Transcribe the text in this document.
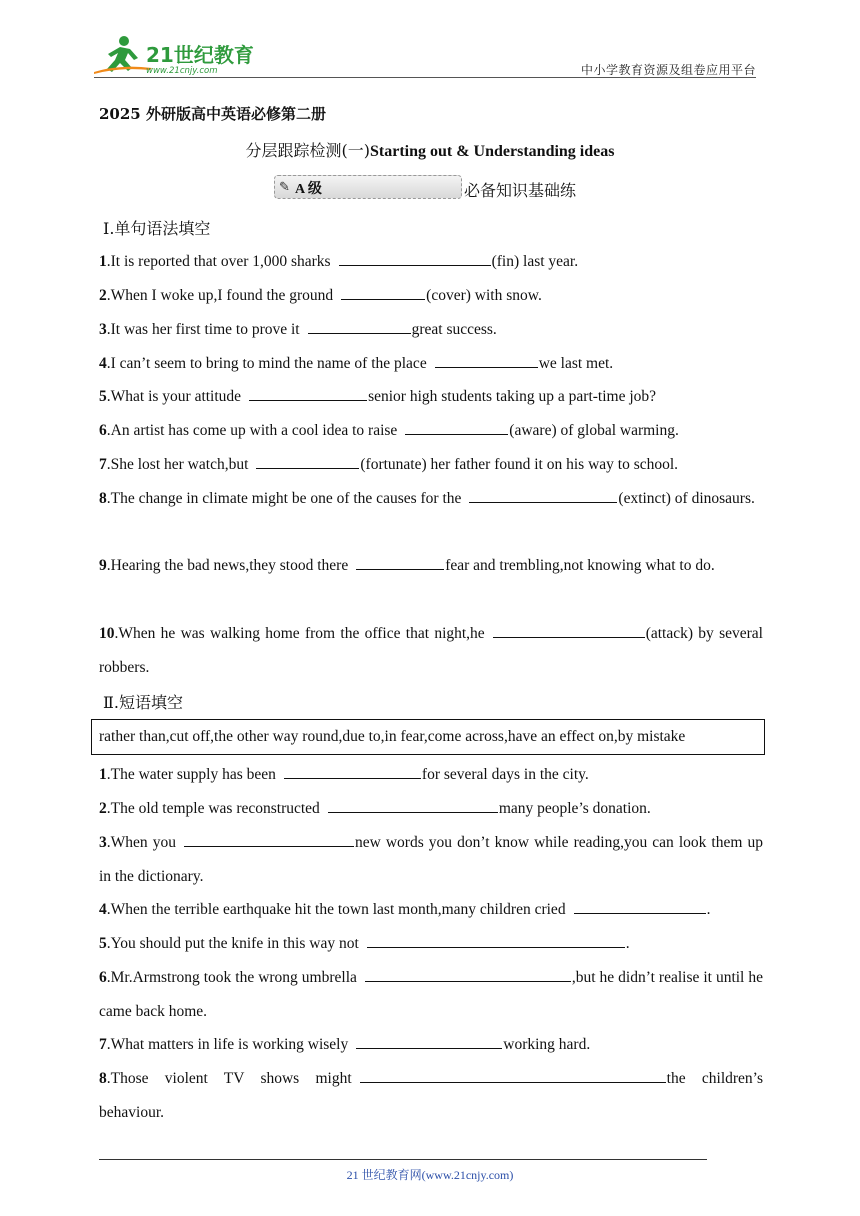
21世纪教育
www.21cnjy.com	中小学教育资源及组卷应用平台
2025 外研版高中英语必修第二册
分层跟踪检测(一)Starting out & Understanding ideas
✎ A 级	必备知识基础练
Ⅰ.单句语法填空
1.It is reported that over 1,000 sharks	(fin) last year.
2.When I woke up,I found the ground	(cover) with snow.
3.It was her first time to prove it	great success.
4.I can’t seem to bring to mind the name of the place	we last met.
5.What is your attitude	senior high students taking up a part-time job?
6.An artist has come up with a cool idea to raise	(aware) of global warming.
7.She lost her watch,but	(fortunate) her father found it on his way to school.
8.The change in climate might be one of the causes for the	(extinct) of dinosaurs.
9.Hearing the bad news,they stood there	fear and trembling,not knowing what to do.
10.When he was walking home from the office that night,he	(attack) by several robbers.
Ⅱ.短语填空
rather than,cut off,the other way round,due to,in fear,come across,have an effect on,by mistake
1.The water supply has been	for several days in the city.
2.The old temple was reconstructed	many people’s donation.
3.When you	new words you don’t know while reading,you can look them up in the dictionary.
4.When the terrible earthquake hit the town last month,many children cried	.
5.You should put the knife in this way not	.
6.Mr.Armstrong took the wrong umbrella	,but he didn’t realise it until he came back home.
7.What matters in life is working wisely	working hard.
8.Those violent TV shows might	the children’s behaviour.
21 世纪教育网(www.21cnjy.com)
